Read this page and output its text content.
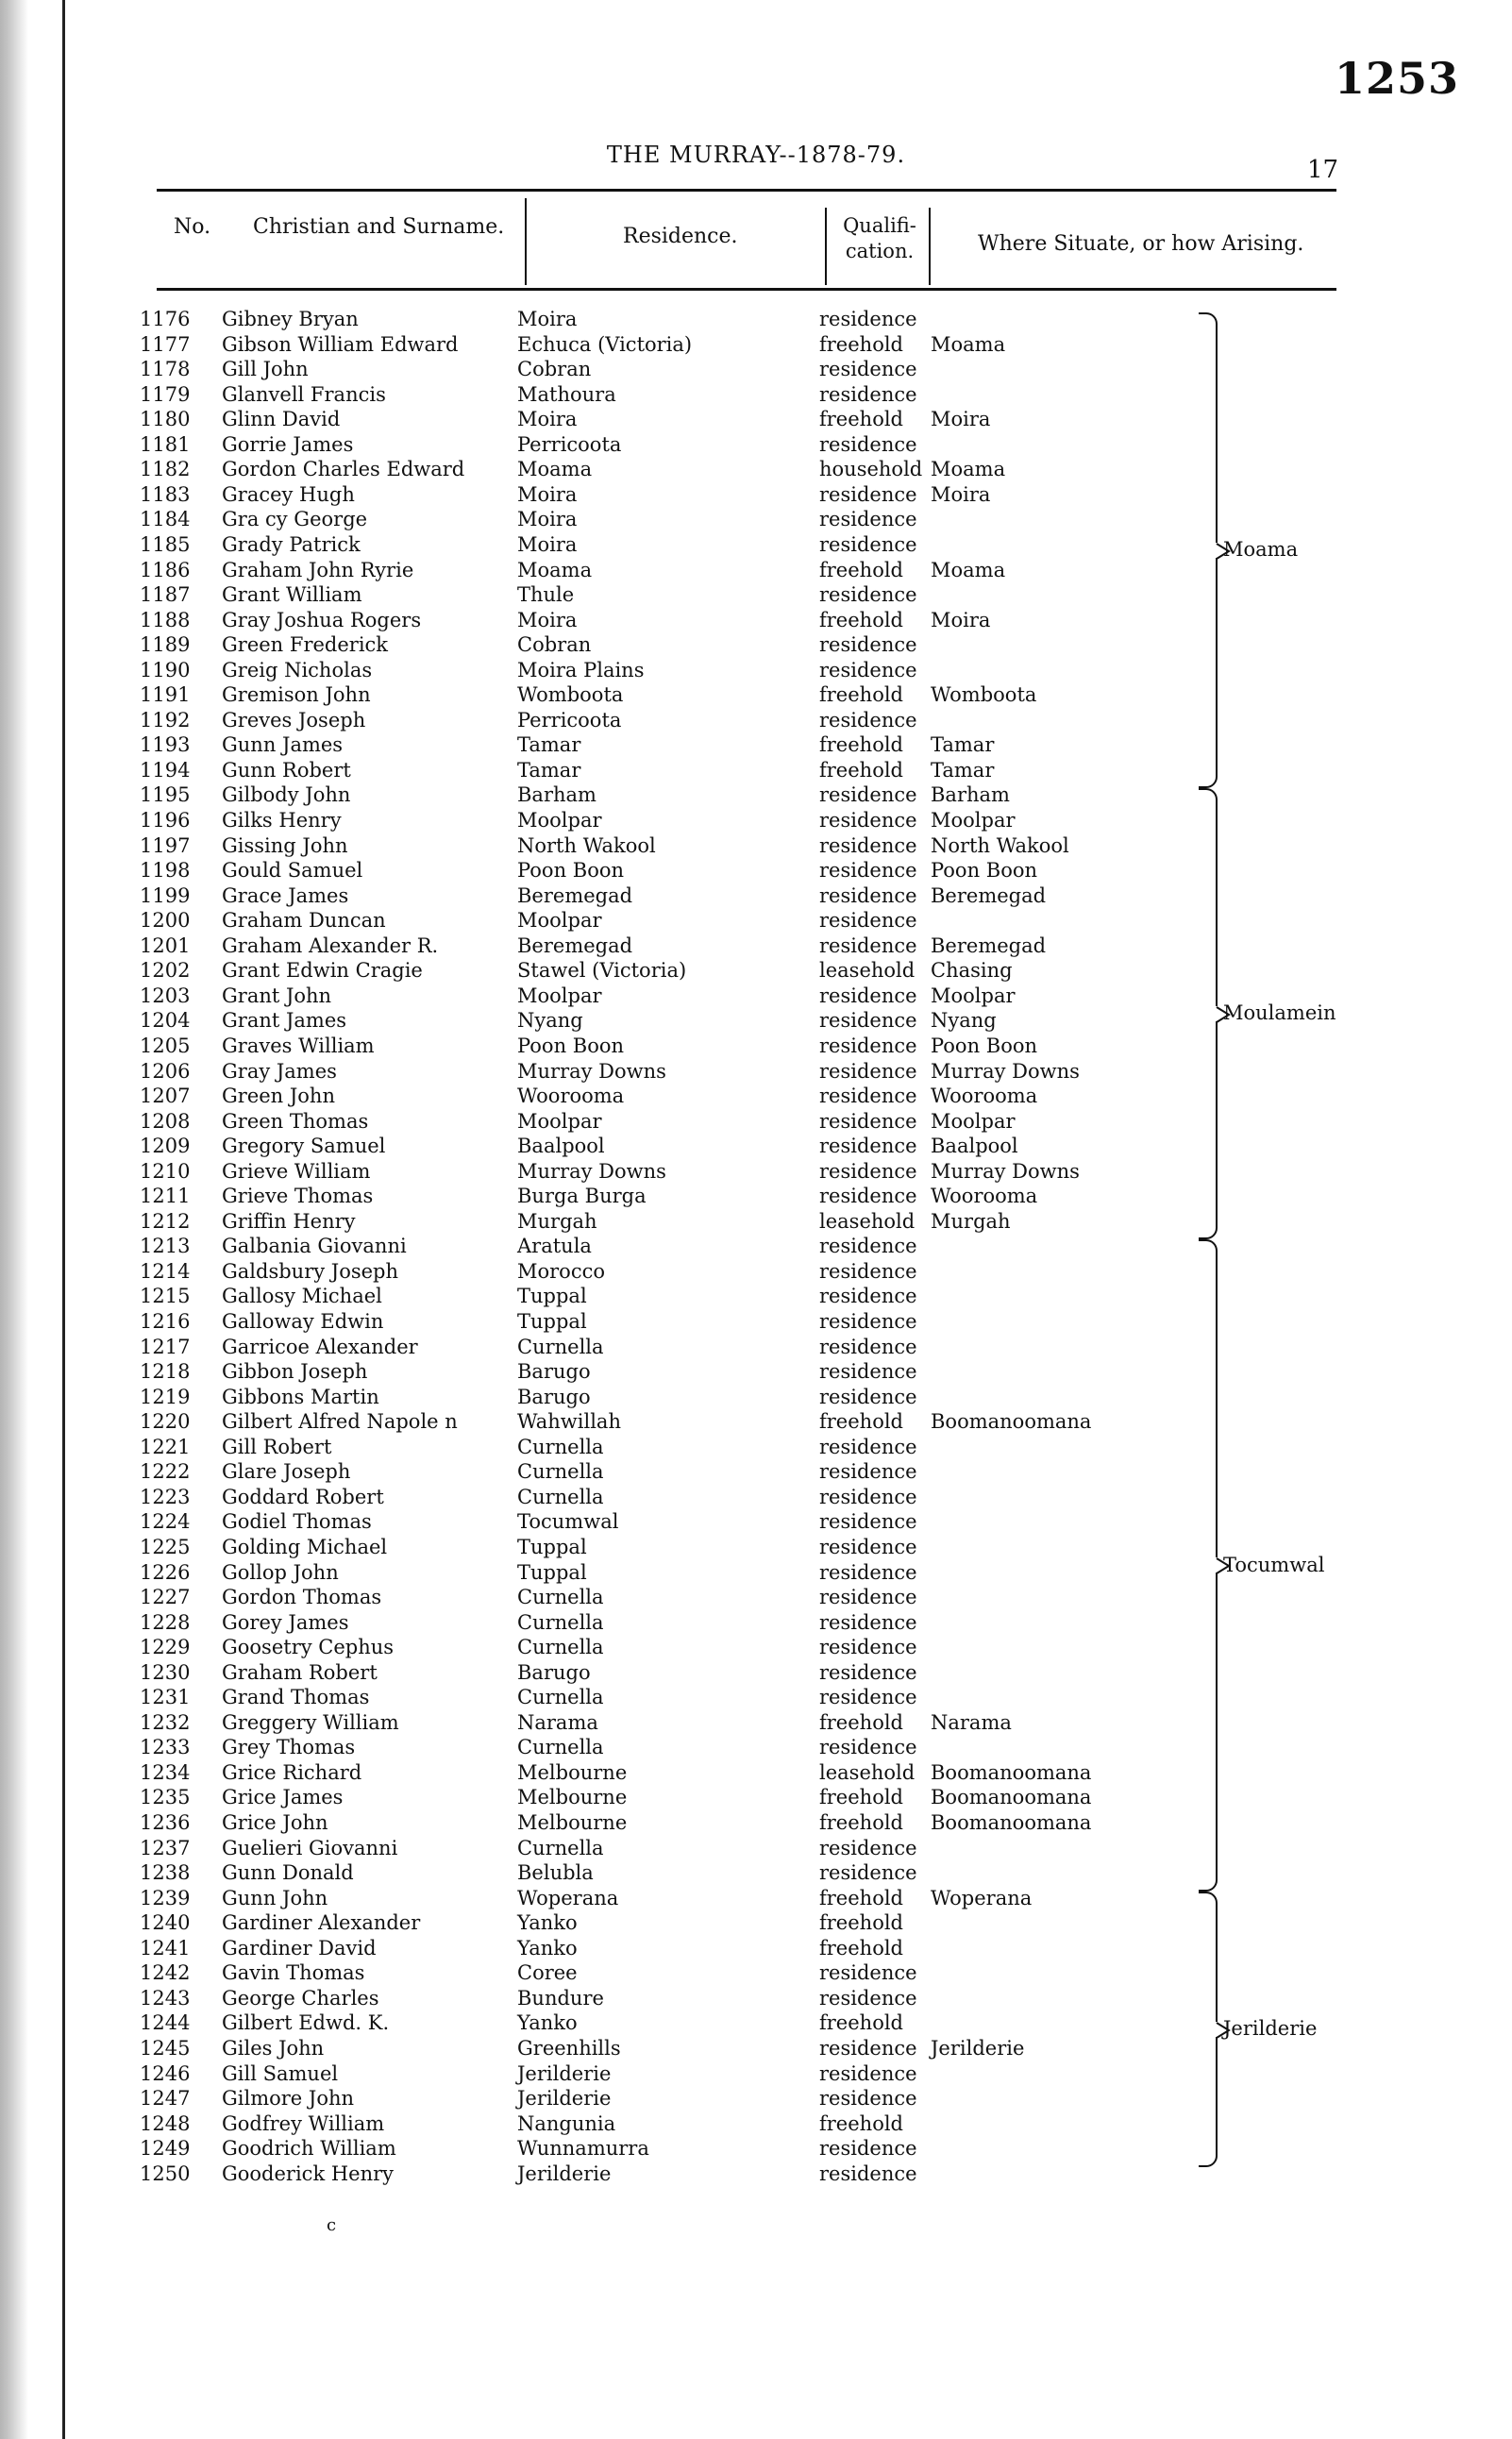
1253
THE MURRAY--1878-79.
17
No. Christian and Surname.	Residence.	Qualifi- cation.	Where Situate, or how Arising.
1176	Gibney Bryan	Moira	residence
1177	Gibson William Edward	Echuca (Victoria)	freehold Moama
1178	Gill John	Cobran	residence
1179	Glanvell Francis	Mathoura	residence
1180	Glinn David	Moira	freehold Moira
1181	Gorrie James	Perricoota	residence
1182	Gordon Charles Edward	Moama	household Moama
1183	Gracey Hugh	Moira	residence Moira
1184	Gra cy George	Moira	residence
1185	Grady Patrick	Moira	residence
1186	Graham John Ryrie	Moama	freehold Moama
1187	Grant William	Thule	residence
1188	Gray Joshua Rogers	Moira	freehold Moira
1189	Green Frederick	Cobran	residence
1190	Greig Nicholas	Moira Plains	residence
1191	Gremison John	Womboota	freehold Womboota
1192	Greves Joseph	Perricoota	residence
1193	Gunn James	Tamar	freehold Tamar
1194	Gunn Robert	Tamar	freehold Tamar
1195	Gilbody John	Barham	residence Barham
1196	Gilks Henry	Moolpar	residence Moolpar
1197	Gissing John	North Wakool	residence North Wakool
1198	Gould Samuel	Poon Boon	residence Poon Boon
1199	Grace James	Beremegad	residence Beremegad
1200	Graham Duncan	Moolpar	residence
1201	Graham Alexander R.	Beremegad	residence Beremegad
1202	Grant Edwin Cragie	Stawel (Victoria)	leasehold Chasing
1203	Grant John	Moolpar	residence Moolpar
1204	Grant James	Nyang	residence Nyang
1205	Graves William	Poon Boon	residence Poon Boon
1206	Gray James	Murray Downs	residence Murray Downs
1207	Green John	Woorooma	residence Woorooma
1208	Green Thomas	Moolpar	residence Moolpar
1209	Gregory Samuel	Baalpool	residence Baalpool
1210	Grieve William	Murray Downs	residence Murray Downs
1211	Grieve Thomas	Burga Burga	residence Woorooma
1212	Griffin Henry	Murgah	leasehold Murgah
1213	Galbania Giovanni	Aratula	residence
1214	Galdsbury Joseph	Morocco	residence
1215	Gallosy Michael	Tuppal	residence
1216	Galloway Edwin	Tuppal	residence
1217	Garricoe Alexander	Curnella	residence
1218	Gibbon Joseph	Barugo	residence
1219	Gibbons Martin	Barugo	residence
1220	Gilbert Alfred Napole n	Wahwillah	freehold Boomanoomana
1221	Gill Robert	Curnella	residence
1222	Glare Joseph	Curnella	residence
1223	Goddard Robert	Curnella	residence
1224	Godiel Thomas	Tocumwal	residence
1225	Golding Michael	Tuppal	residence
1226	Gollop John	Tuppal	residence
1227	Gordon Thomas	Curnella	residence
1228	Gorey James	Curnella	residence
1229	Goosetry Cephus	Curnella	residence
1230	Graham Robert	Barugo	residence
1231	Grand Thomas	Curnella	residence
1232	Greggery William	Narama	freehold Narama
1233	Grey Thomas	Curnella	residence
1234	Grice Richard	Melbourne	leasehold Boomanoomana
1235	Grice James	Melbourne	freehold Boomanoomana
1236	Grice John	Melbourne	freehold Boomanoomana
1237	Guelieri Giovanni	Curnella	residence
1238	Gunn Donald	Belubla	residence
1239	Gunn John	Woperana	freehold Woperana
1240	Gardiner Alexander	Yanko	freehold
1241	Gardiner David	Yanko	freehold
1242	Gavin Thomas	Coree	residence
1243	George Charles	Bundure	residence
1244	Gilbert Edwd. K.	Yanko	freehold
1245	Giles John	Greenhills	residence Jerilderie
1246	Gill Samuel	Jerilderie	residence
1247	Gilmore John	Jerilderie	residence
1248	Godfrey William	Nangunia	freehold
1249	Goodrich William	Wunnamurra	residence
1250	Gooderick Henry	Jerilderie	residence
Moama
Moulamein
Tocumwal
Jerilderie
c
